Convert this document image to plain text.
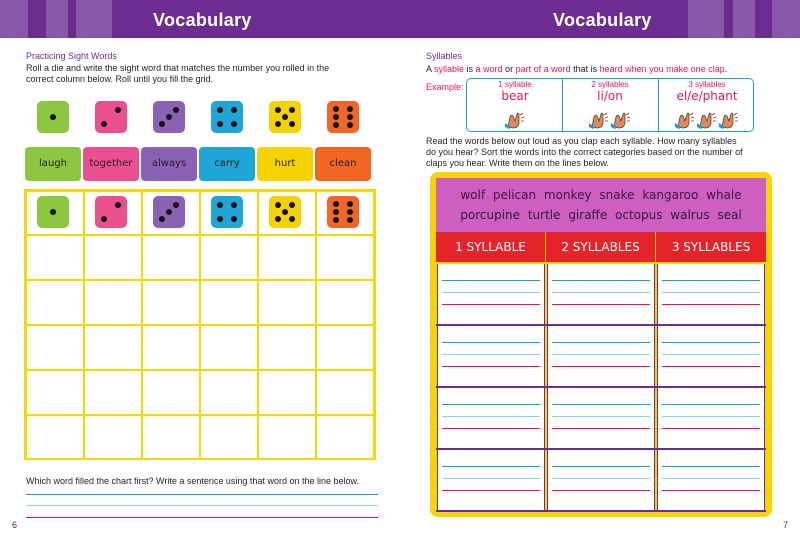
Vocabulary
Practicing Sight Words
Roll a die and write the sight word that matches the number you rolled in the
correct column below. Roll until you fill the grid.
Which word filled the chart first? Write a sentence using that word on the line below.
6
laugh	together	always	carry	hurt	clean
Vocabulary
Syllables
A syllable is a word or part of a word that is heard when you make one clap.
Example:	1 syllable
bear
2 syllables
li/on
3 syllables
el/e/phant
Read the words below out loud as you clap each syllable. How many syllables
do you hear? Sort the words into the correct categories based on the number of
claps you hear. Write them on the lines below.
wolf pelican monkey snake kangaroo whale
porcupine turtle giraffe octopus walrus seal
1 SYLLABLE	2 SYLLABLES	3 SYLLABLES
7
